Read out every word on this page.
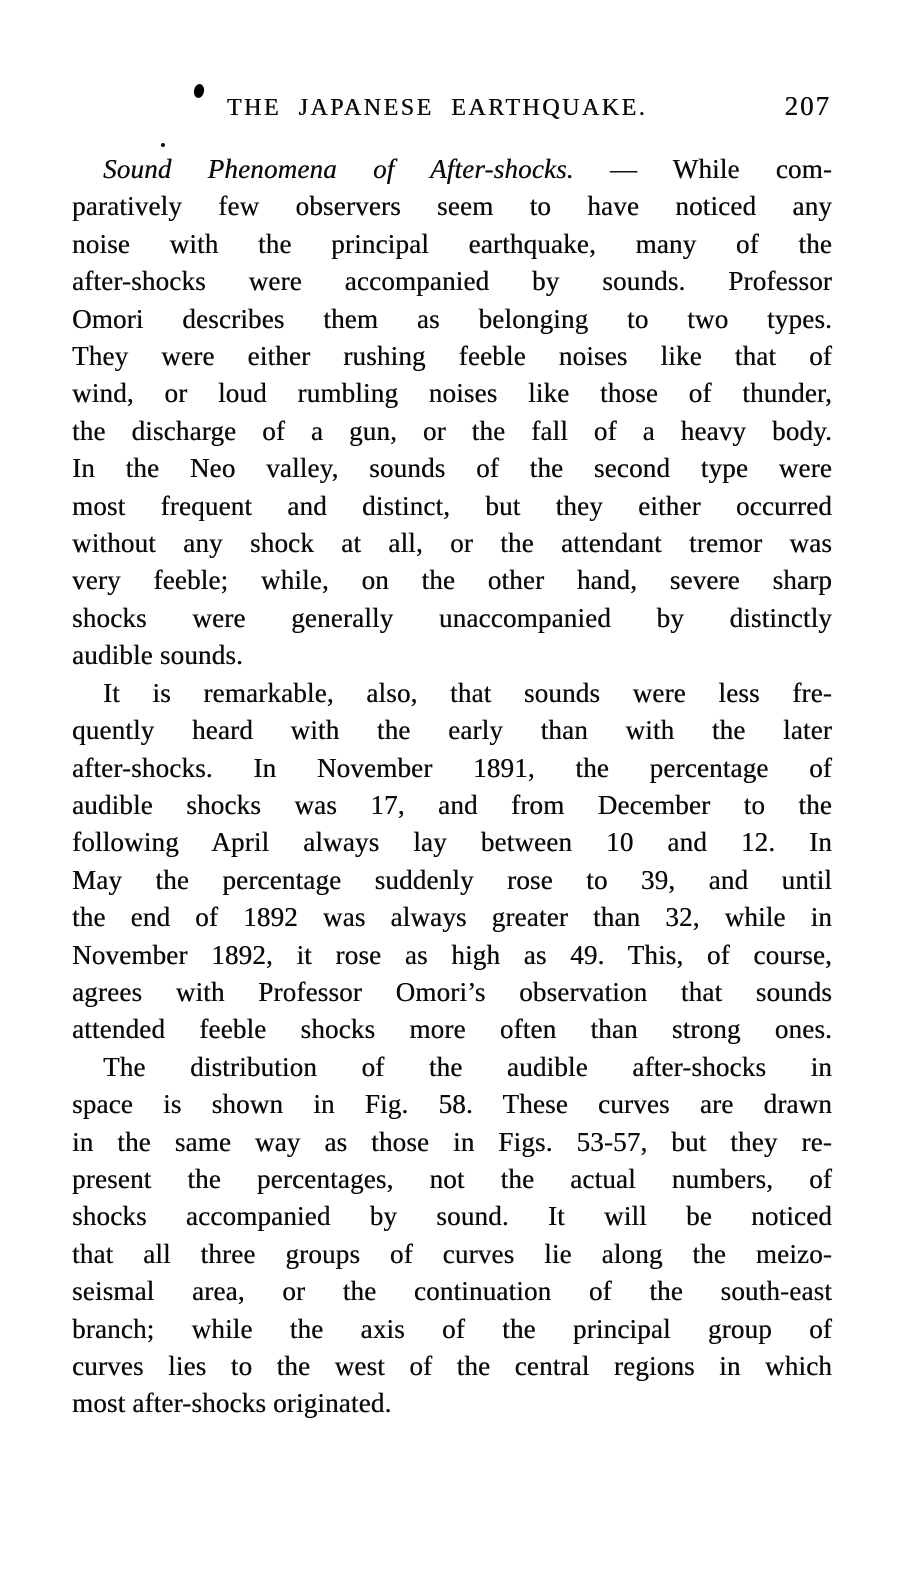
THE JAPANESE EARTHQUAKE.	207
Sound Phenomena of After-shocks. — While com-
paratively few observers seem to have noticed any
noise with the principal earthquake, many of the
after-shocks were accompanied by sounds. Professor
Omori describes them as belonging to two types.
They were either rushing feeble noises like that of
wind, or loud rumbling noises like those of thunder,
the discharge of a gun, or the fall of a heavy body.
In the Neo valley, sounds of the second type were
most frequent and distinct, but they either occurred
without any shock at all, or the attendant tremor was
very feeble; while, on the other hand, severe sharp
shocks were generally unaccompanied by distinctly
audible sounds.
It is remarkable, also, that sounds were less fre-
quently heard with the early than with the later
after-shocks. In November 1891, the percentage of
audible shocks was 17, and from December to the
following April always lay between 10 and 12. In
May the percentage suddenly rose to 39, and until
the end of 1892 was always greater than 32, while in
November 1892, it rose as high as 49. This, of course,
agrees with Professor Omori’s observation that sounds
attended feeble shocks more often than strong ones.
The distribution of the audible after-shocks in
space is shown in Fig. 58. These curves are drawn
in the same way as those in Figs. 53-57, but they re-
present the percentages, not the actual numbers, of
shocks accompanied by sound. It will be noticed
that all three groups of curves lie along the meizo-
seismal area, or the continuation of the south-east
branch; while the axis of the principal group of
curves lies to the west of the central regions in which
most after-shocks originated.
